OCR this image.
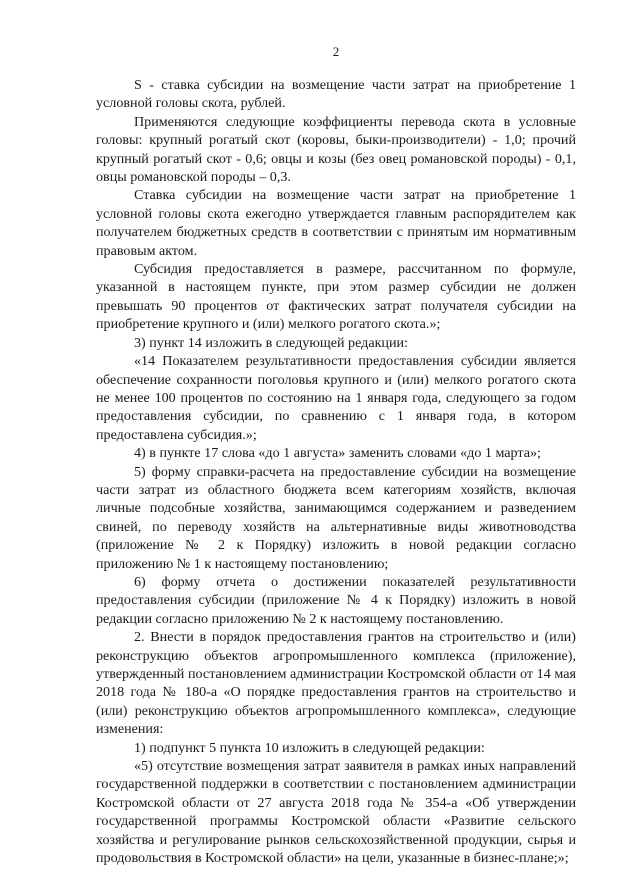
2

S - ставка субсидии на возмещение части затрат на приобретение 1 условной головы скота, рублей.

Применяются следующие коэффициенты перевода скота в условные головы: крупный рогатый скот (коровы, быки-производители) - 1,0; прочий крупный рогатый скот - 0,6; овцы и козы (без овец романовской породы) - 0,1, овцы романовской породы – 0,3.

Ставка субсидии на возмещение части затрат на приобретение 1 условной головы скота ежегодно утверждается главным распорядителем как получателем бюджетных средств в соответствии с принятым им нормативным правовым актом.

Субсидия предоставляется в размере, рассчитанном по формуле, указанной в настоящем пункте, при этом размер субсидии не должен превышать 90 процентов от фактических затрат получателя субсидии на приобретение крупного и (или) мелкого рогатого скота.»;

3) пункт 14 изложить в следующей редакции:

«14 Показателем результативности предоставления субсидии является обеспечение сохранности поголовья крупного и (или) мелкого рогатого скота не менее 100 процентов по состоянию на 1 января года, следующего за годом предоставления субсидии, по сравнению с 1 января года, в котором предоставлена субсидия.»;

4) в пункте 17 слова «до 1 августа» заменить словами «до 1 марта»;

5) форму справки-расчета на предоставление субсидии на возмещение части затрат из областного бюджета всем категориям хозяйств, включая личные подсобные хозяйства, занимающимся содержанием и разведением свиней, по переводу хозяйств на альтернативные виды животноводства (приложение № 2 к Порядку) изложить в новой редакции согласно приложению № 1 к настоящему постановлению;

6) форму отчета о достижении показателей результативности предоставления субсидии (приложение № 4 к Порядку) изложить в новой редакции согласно приложению № 2 к настоящему постановлению.

2. Внести в порядок предоставления грантов на строительство и (или) реконструкцию объектов агропромышленного комплекса (приложение), утвержденный постановлением администрации Костромской области от 14 мая 2018 года № 180-а «О порядке предоставления грантов на строительство и (или) реконструкцию объектов агропромышленного комплекса», следующие изменения:

1) подпункт 5 пункта 10 изложить в следующей редакции:

«5) отсутствие возмещения затрат заявителя в рамках иных направлений государственной поддержки в соответствии с постановлением администрации Костромской области от 27 августа 2018 года № 354-а «Об утверждении государственной программы Костромской области «Развитие сельского хозяйства и регулирование рынков сельскохозяйственной продукции, сырья и продовольствия в Костромской области» на цели, указанные в бизнес-плане;»;
